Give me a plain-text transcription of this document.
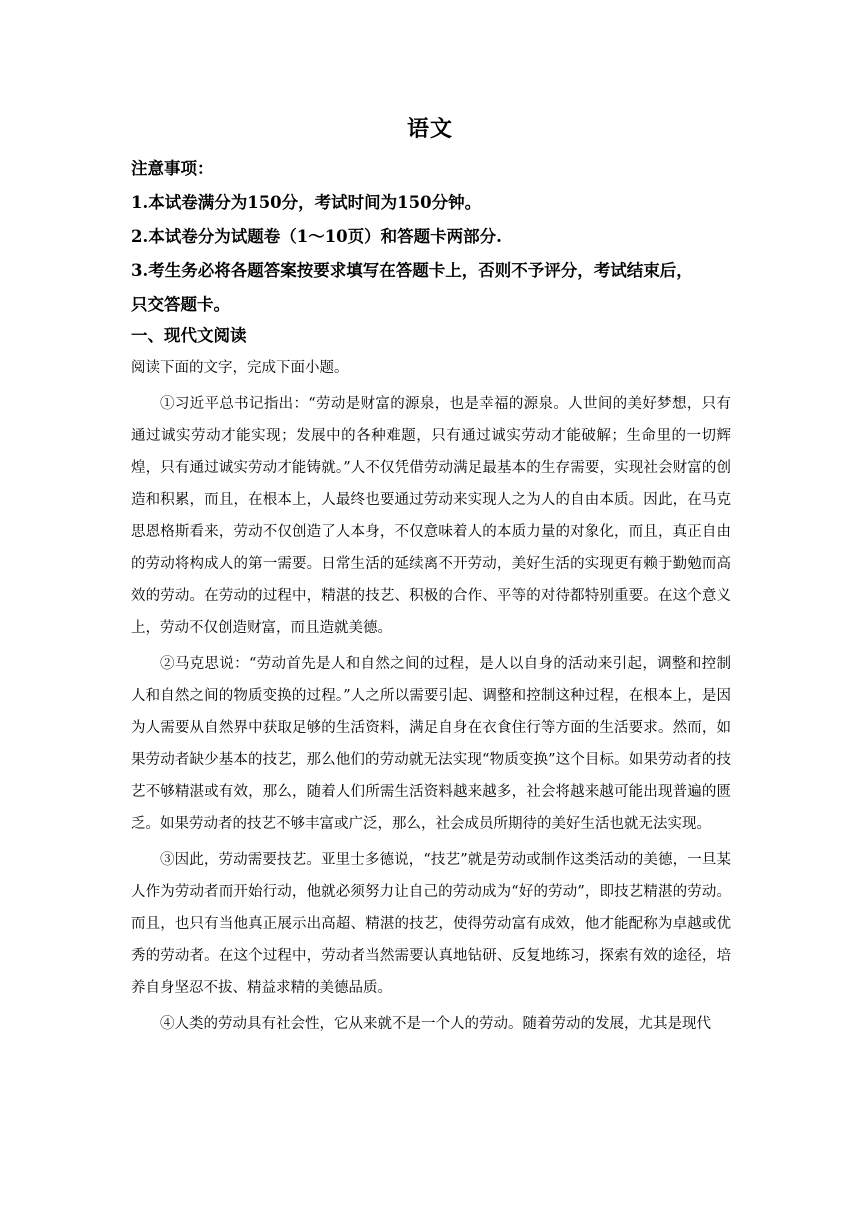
语文
注意事项：
1.本试卷满分为150分，考试时间为150分钟。
2.本试卷分为试题卷（1～10页）和答题卡两部分.
3.考生务必将各题答案按要求填写在答题卡上，否则不予评分，考试结束后，
只交答题卡。
一、现代文阅读
阅读下面的文字，完成下面小题。

①习近平总书记指出：“劳动是财富的源泉，也是幸福的源泉。人世间的美好梦想，只有通过诚实劳动才能实现；发展中的各种难题，只有通过诚实劳动才能破解；生命里的一切辉煌，只有通过诚实劳动才能铸就。”人不仅凭借劳动满足最基本的生存需要，实现社会财富的创造和积累，而且，在根本上，人最终也要通过劳动来实现人之为人的自由本质。因此，在马克思恩格斯看来，劳动不仅创造了人本身，不仅意味着人的本质力量的对象化，而且，真正自由的劳动将构成人的第一需要。日常生活的延续离不开劳动，美好生活的实现更有赖于勤勉而高效的劳动。在劳动的过程中，精湛的技艺、积极的合作、平等的对待都特别重要。在这个意义上，劳动不仅创造财富，而且造就美德。

②马克思说：“劳动首先是人和自然之间的过程，是人以自身的活动来引起，调整和控制人和自然之间的物质变换的过程。”人之所以需要引起、调整和控制这种过程，在根本上，是因为人需要从自然界中获取足够的生活资料，满足自身在衣食住行等方面的生活要求。然而，如果劳动者缺少基本的技艺，那么他们的劳动就无法实现“物质变换”这个目标。如果劳动者的技艺不够精湛或有效，那么，随着人们所需生活资料越来越多，社会将越来越可能出现普遍的匮乏。如果劳动者的技艺不够丰富或广泛，那么，社会成员所期待的美好生活也就无法实现。

③因此，劳动需要技艺。亚里士多德说，“技艺”就是劳动或制作这类活动的美德，一旦某人作为劳动者而开始行动，他就必须努力让自己的劳动成为“好的劳动”，即技艺精湛的劳动。而且，也只有当他真正展示出高超、精湛的技艺，使得劳动富有成效，他才能配称为卓越或优秀的劳动者。在这个过程中，劳动者当然需要认真地钻研、反复地练习，探索有效的途径，培养自身坚忍不拔、精益求精的美德品质。

④人类的劳动具有社会性，它从来就不是一个人的劳动。随着劳动的发展，尤其是现代
